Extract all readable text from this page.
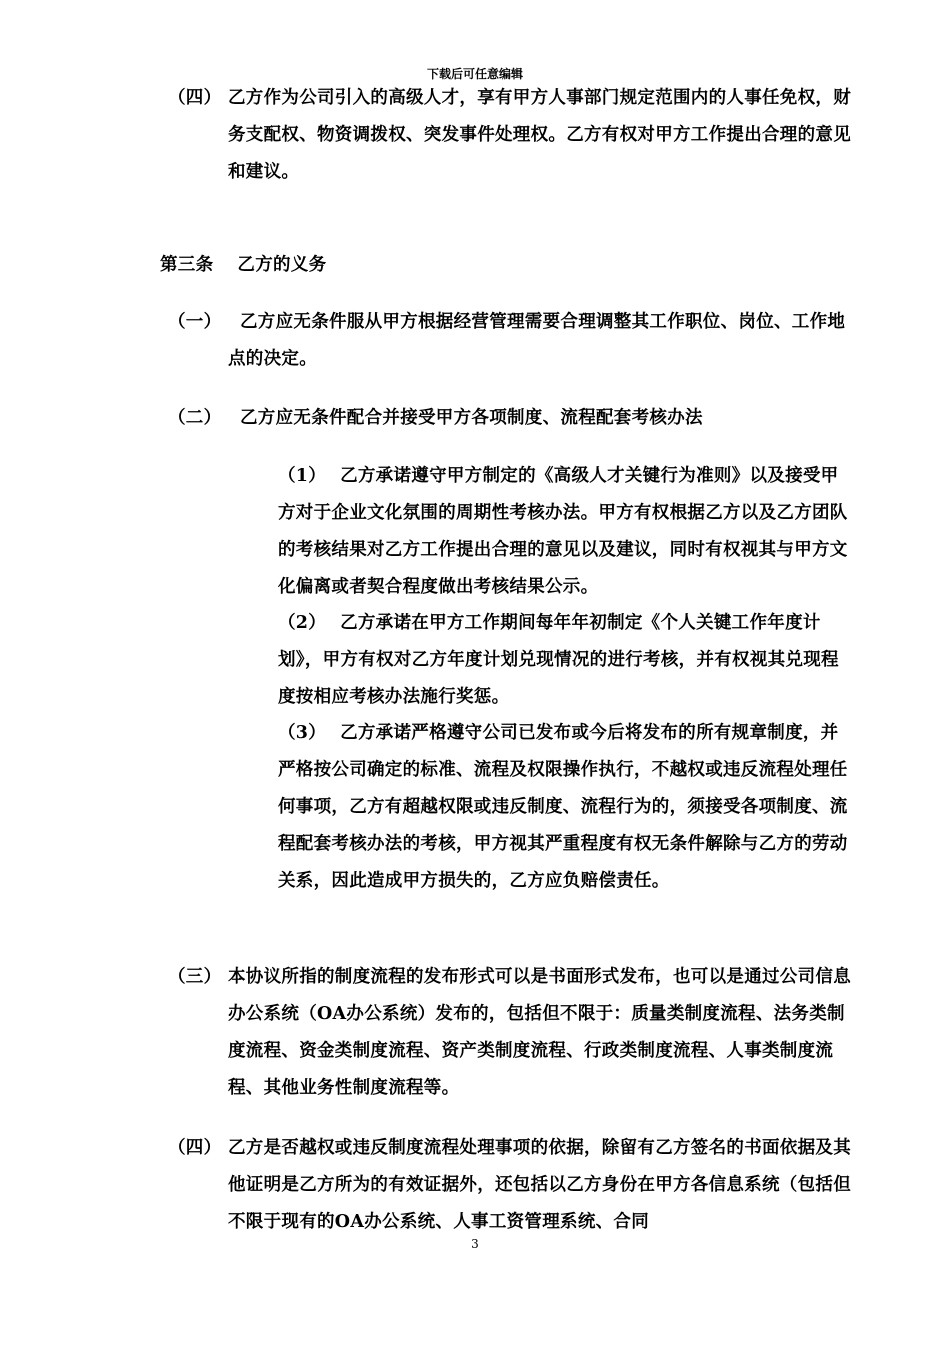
下载后可任意编辑
（四） 乙方作为公司引入的高级人才，享有甲方人事部门规定范围内的人事任免权，财务支配权、物资调拨权、突发事件处理权。乙方有权对甲方工作提出合理的意见和建议。
第三条 乙方的义务
（一）	乙方应无条件服从甲方根据经营管理需要合理调整其工作职位、岗位、工作地点的决定。
（二）	乙方应无条件配合并接受甲方各项制度、流程配套考核办法
（1） 乙方承诺遵守甲方制定的《高级人才关键行为准则》以及接受甲方对于企业文化氛围的周期性考核办法。甲方有权根据乙方以及乙方团队的考核结果对乙方工作提出合理的意见以及建议，同时有权视其与甲方文化偏离或者契合程度做出考核结果公示。
（2） 乙方承诺在甲方工作期间每年年初制定《个人关键工作年度计划》，甲方有权对乙方年度计划兑现情况的进行考核，并有权视其兑现程度按相应考核办法施行奖惩。
（3） 乙方承诺严格遵守公司已发布或今后将发布的所有规章制度，并严格按公司确定的标准、流程及权限操作执行，不越权或违反流程处理任何事项，乙方有超越权限或违反制度、流程行为的，须接受各项制度、流程配套考核办法的考核，甲方视其严重程度有权无条件解除与乙方的劳动关系，因此造成甲方损失的，乙方应负赔偿责任。
（三） 本协议所指的制度流程的发布形式可以是书面形式发布，也可以是通过公司信息办公系统（OA办公系统）发布的，包括但不限于：质量类制度流程、法务类制度流程、资金类制度流程、资产类制度流程、行政类制度流程、人事类制度流程、其他业务性制度流程等。
（四） 乙方是否越权或违反制度流程处理事项的依据，除留有乙方签名的书面依据及其他证明是乙方所为的有效证据外，还包括以乙方身份在甲方各信息系统（包括但不限于现有的OA办公系统、人事工资管理系统、合同
3
